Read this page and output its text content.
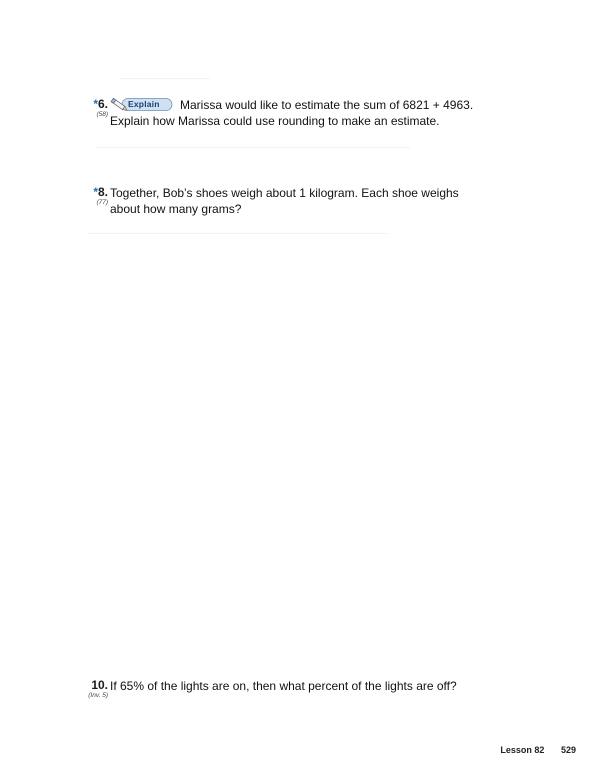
*6.
(58)
Explain Marissa would like to estimate the sum of 6821 + 4963.
Explain how Marissa could use rounding to make an estimate.
*8.
(77)
Together, Bob’s shoes weigh about 1 kilogram. Each shoe weighs
about how many grams?
10.
(Inv. 5)
If 65% of the lights are on, then what percent of the lights are off?
Lesson 82 529
